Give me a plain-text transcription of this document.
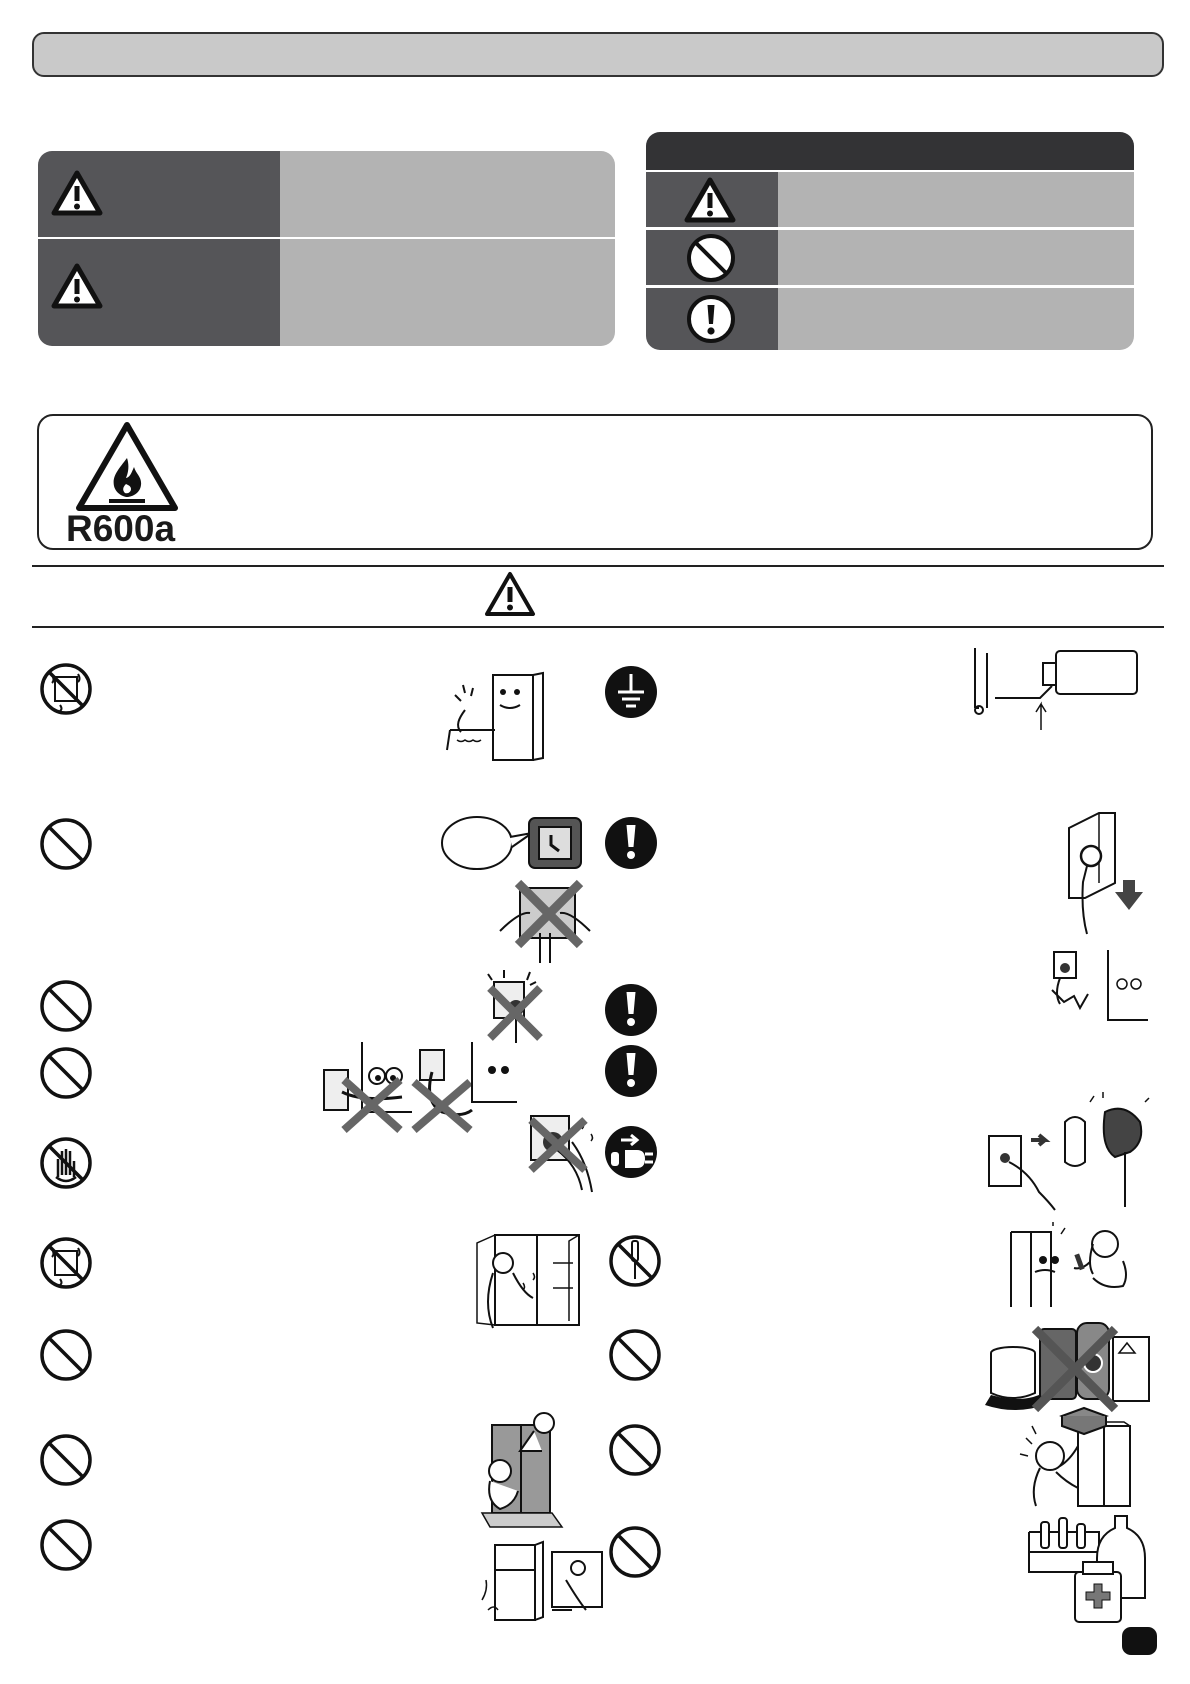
R600a
